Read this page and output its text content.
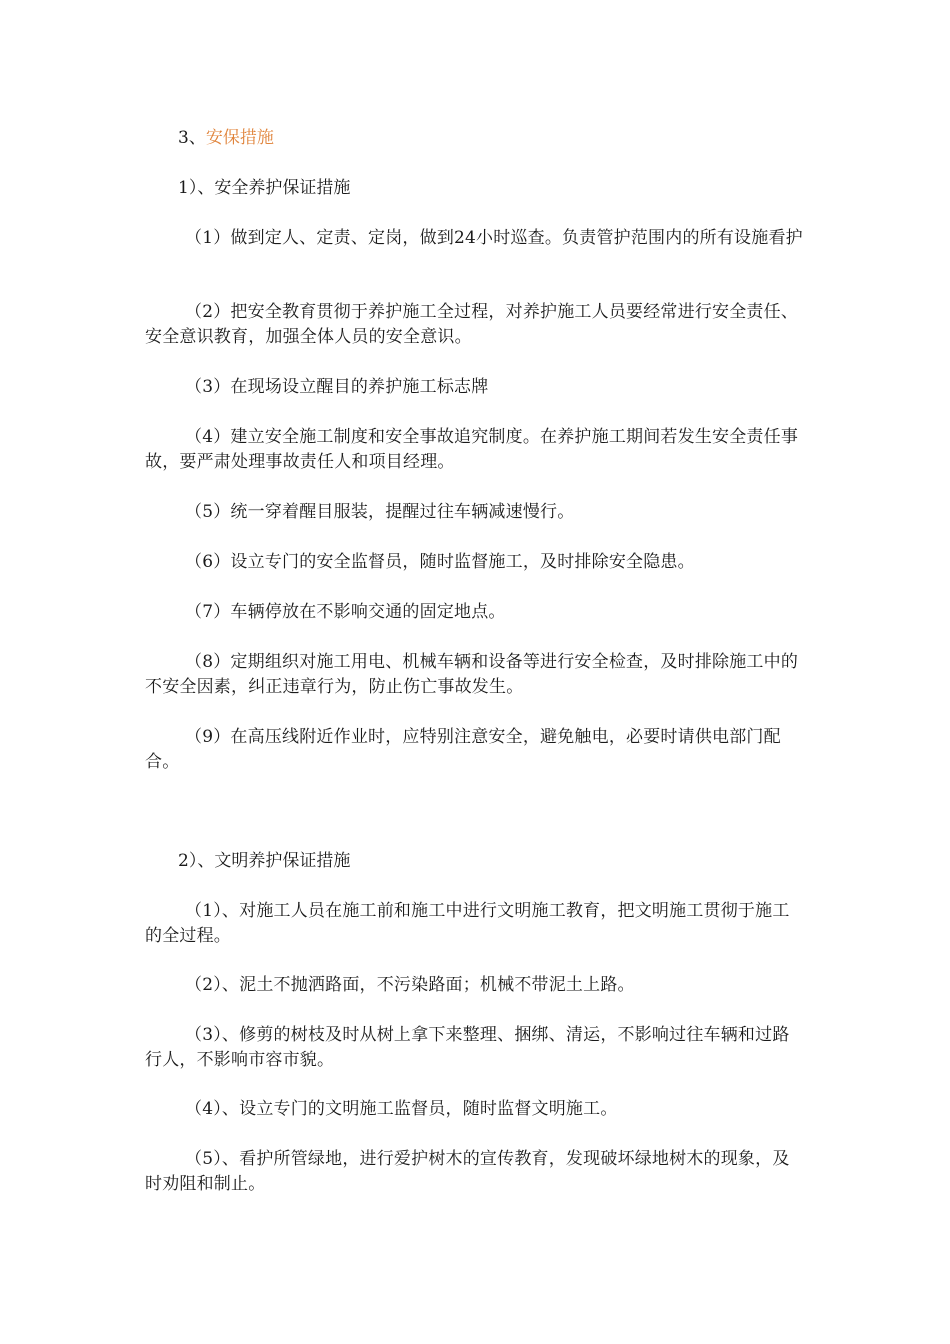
3、安保措施

1）、安全养护保证措施

（1）做到定人、定责、定岗，做到24小时巡查。负责管护范围内的所有设施看护

（2）把安全教育贯彻于养护施工全过程，对养护施工人员要经常进行安全责任、安全意识教育，加强全体人员的安全意识。

（3）在现场设立醒目的养护施工标志牌

（4）建立安全施工制度和安全事故追究制度。在养护施工期间若发生安全责任事故，要严肃处理事故责任人和项目经理。

（5）统一穿着醒目服装，提醒过往车辆减速慢行。

（6）设立专门的安全监督员，随时监督施工，及时排除安全隐患。

（7）车辆停放在不影响交通的固定地点。

（8）定期组织对施工用电、机械车辆和设备等进行安全检查，及时排除施工中的不安全因素，纠正违章行为，防止伤亡事故发生。

（9）在高压线附近作业时，应特别注意安全，避免触电，必要时请供电部门配合。

2）、文明养护保证措施

（1）、对施工人员在施工前和施工中进行文明施工教育，把文明施工贯彻于施工的全过程。

（2）、泥土不抛洒路面，不污染路面；机械不带泥土上路。

（3）、修剪的树枝及时从树上拿下来整理、捆绑、清运，不影响过往车辆和过路行人，不影响市容市貌。

（4）、设立专门的文明施工监督员，随时监督文明施工。

（5）、看护所管绿地，进行爱护树木的宣传教育，发现破坏绿地树木的现象，及时劝阻和制止。
